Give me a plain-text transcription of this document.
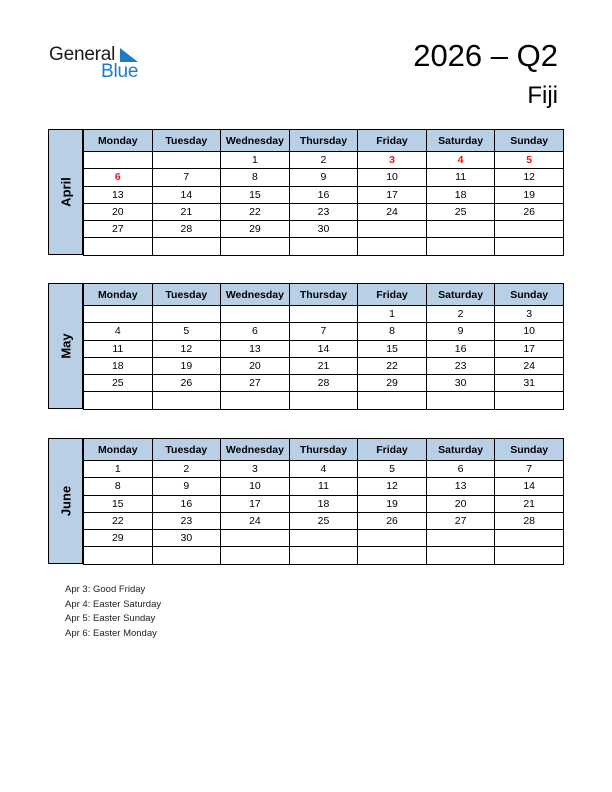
General
Blue	2026 – Q2
Fiji
April
Monday	Tuesday	Wednesday	Thursday	Friday	Saturday	Sunday
		1	2	3	4	5
6	7	8	9	10	11	12
13	14	15	16	17	18	19
20	21	22	23	24	25	26
27	28	29	30			

May
Monday	Tuesday	Wednesday	Thursday	Friday	Saturday	Sunday
				1	2	3
4	5	6	7	8	9	10
11	12	13	14	15	16	17
18	19	20	21	22	23	24
25	26	27	28	29	30	31

June
Monday	Tuesday	Wednesday	Thursday	Friday	Saturday	Sunday
1	2	3	4	5	6	7
8	9	10	11	12	13	14
15	16	17	18	19	20	21
22	23	24	25	26	27	28
29	30					

Apr 3: Good Friday
Apr 4: Easter Saturday
Apr 5: Easter Sunday
Apr 6: Easter Monday
